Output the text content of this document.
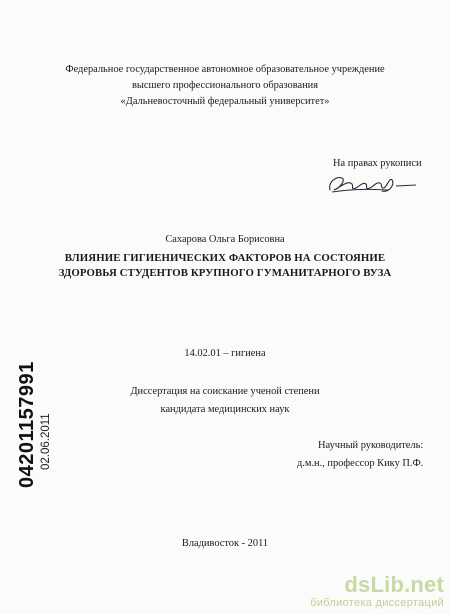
Федеральное государственное автономное образовательное учреждение
высшего профессионального образования
«Дальневосточный федеральный университет»
На правах рукописи
Сахарова Ольга Борисовна
ВЛИЯНИЕ ГИГИЕНИЧЕСКИХ ФАКТОРОВ НА СОСТОЯНИЕ
ЗДОРОВЬЯ СТУДЕНТОВ КРУПНОГО ГУМАНИТАРНОГО ВУЗА
14.02.01 – гигиена
Диссертация на соискание ученой степени
кандидата медицинских наук
Научный руководитель:
д.м.н., профессор Кику П.Ф.
Владивосток - 2011
04201157991 02.06.2011
dsLib.net
библиотека диссертаций
